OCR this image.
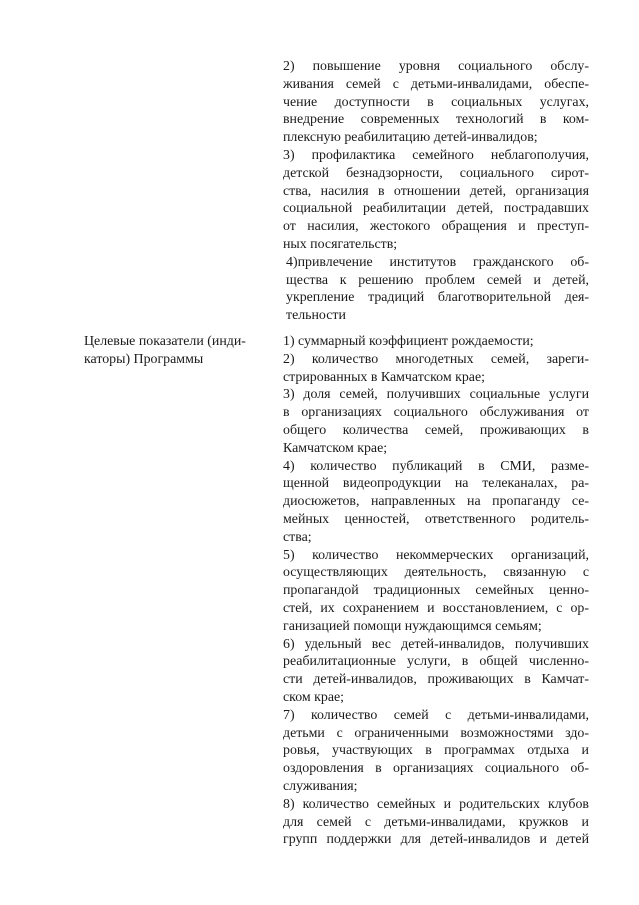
2) повышение уровня социального обслу-
живания семей с детьми-инвалидами, обеспе-
чение доступности в социальных услугах,
внедрение современных технологий в ком-
плексную реабилитацию детей-инвалидов;
3) профилактика семейного неблагополучия,
детской безнадзорности, социального сирот-
ства, насилия в отношении детей, организация
социальной реабилитации детей, пострадавших
от насилия, жестокого обращения и преступ-
ных посягательств;
4)привлечение институтов гражданского об-
щества к решению проблем семей и детей,
укрепление традиций благотворительной дея-
тельности
Целевые показатели (инди-
каторы) Программы
1) суммарный коэффициент рождаемости;
2) количество многодетных семей, зареги-
стрированных в Камчатском крае;
3) доля семей, получивших социальные услуги
в организациях социального обслуживания от
общего количества семей, проживающих в
Камчатском крае;
4) количество публикаций в СМИ, разме-
щенной видеопродукции на телеканалах, ра-
диосюжетов, направленных на пропаганду се-
мейных ценностей, ответственного родитель-
ства;
5) количество некоммерческих организаций,
осуществляющих деятельность, связанную с
пропагандой традиционных семейных ценно-
стей, их сохранением и восстановлением, с ор-
ганизацией помощи нуждающимся семьям;
6) удельный вес детей-инвалидов, получивших
реабилитационные услуги, в общей численно-
сти детей-инвалидов, проживающих в Камчат-
ском крае;
7) количество семей с детьми-инвалидами,
детьми с ограниченными возможностями здо-
ровья, участвующих в программах отдыха и
оздоровления в организациях социального об-
служивания;
8) количество семейных и родительских клубов
для семей с детьми-инвалидами, кружков и
групп поддержки для детей-инвалидов и детей
